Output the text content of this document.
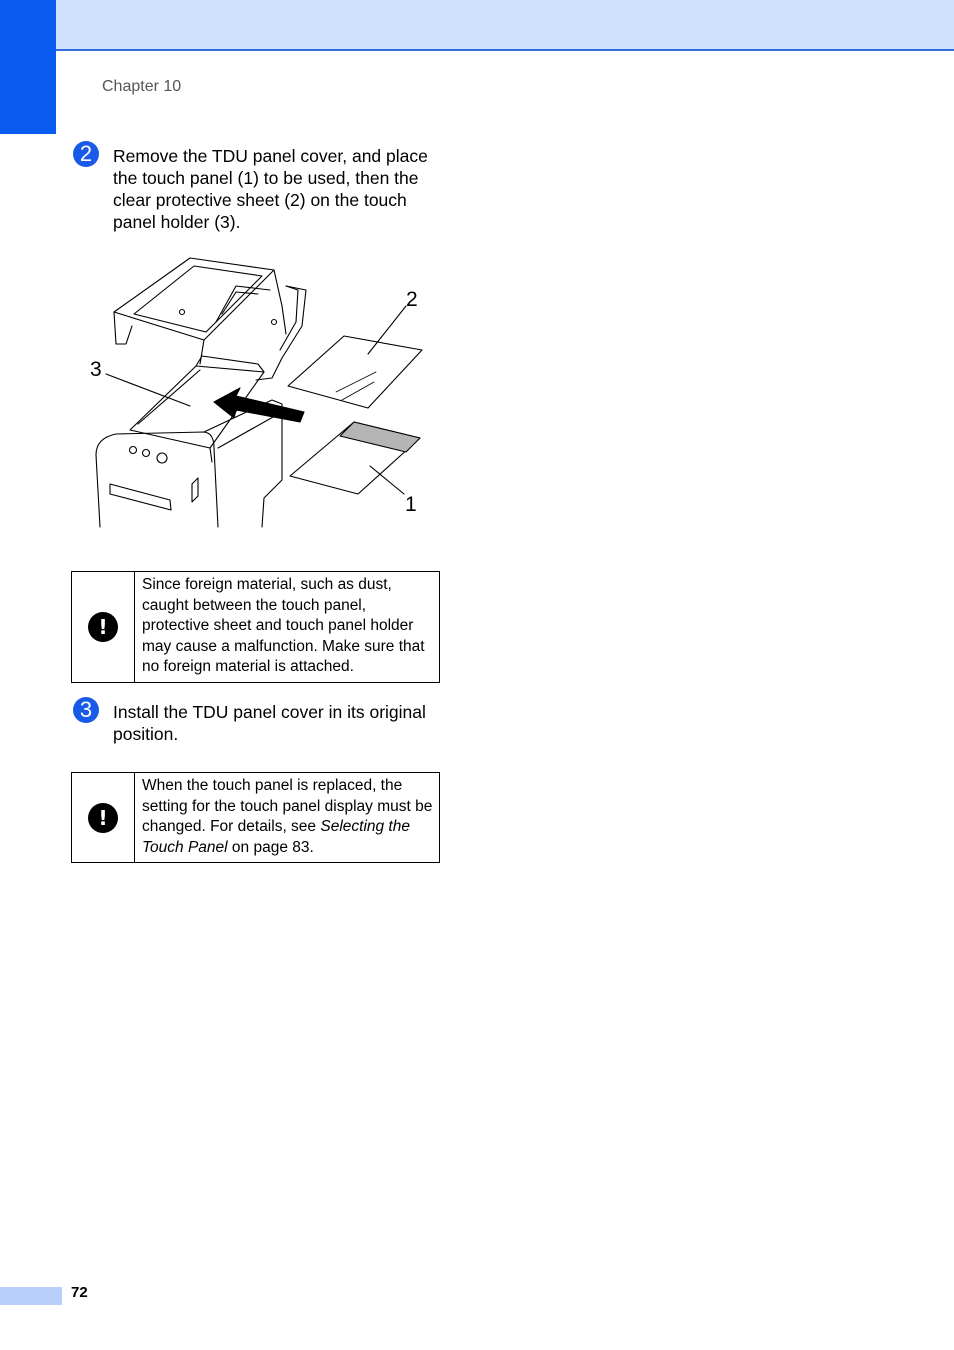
Chapter 10
2	Remove the TDU panel cover, and place the touch panel (1) to be used, then the clear protective sheet (2) on the touch panel holder (3).
2
3
1
!
Since foreign material, such as dust, caught between the touch panel, protective sheet and touch panel holder may cause a malfunction. Make sure that no foreign material is attached.
3	Install the TDU panel cover in its original position.
!
When the touch panel is replaced, the setting for the touch panel display must be changed. For details, see Selecting the Touch Panel on page 83.
72
